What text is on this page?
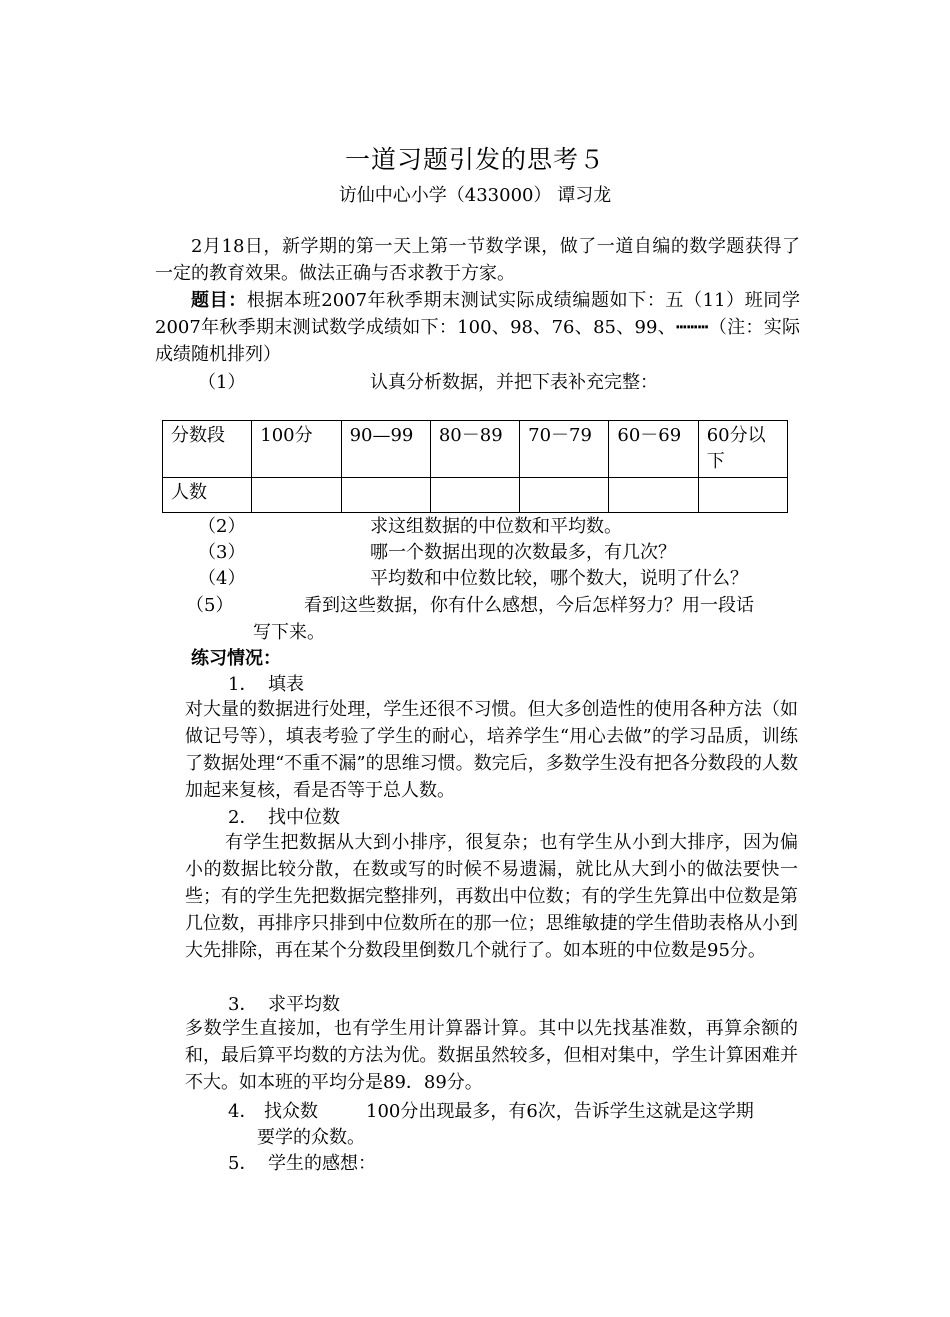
一道习题引发的思考５
访仙中心小学（433000） 谭习龙
2月18日，新学期的第一天上第一节数学课，做了一道自编的数学题获得了一定的教育效果。做法正确与否求教于方家。
题目：根据本班2007年秋季期末测试实际成绩编题如下：五（11）班同学2007年秋季期末测试数学成绩如下：100、98、76、85、99、┅┅┅（注：实际成绩随机排列）
（1）	认真分析数据，并把下表补充完整：
分数段	100分	90—99	80－89	70－79	60－69	60分以下
人数						
（2）	求这组数据的中位数和平均数。
（3）	哪一个数据出现的次数最多，有几次？
（4）	平均数和中位数比较，哪个数大，说明了什么？
（5）	看到这些数据，你有什么感想，今后怎样努力？用一段话
写下来。
练习情况：
1． 填表
对大量的数据进行处理，学生还很不习惯。但大多创造性的使用各种方法（如做记号等），填表考验了学生的耐心，培养学生“用心去做”的学习品质，训练了数据处理“不重不漏”的思维习惯。数完后，多数学生没有把各分数段的人数加起来复核，看是否等于总人数。
2． 找中位数
有学生把数据从大到小排序，很复杂；也有学生从小到大排序，因为偏小的数据比较分散，在数或写的时候不易遗漏，就比从大到小的做法要快一些；有的学生先把数据完整排列，再数出中位数；有的学生先算出中位数是第几位数，再排序只排到中位数所在的那一位；思维敏捷的学生借助表格从小到大先排除，再在某个分数段里倒数几个就行了。如本班的中位数是95分。
3． 求平均数
多数学生直接加，也有学生用计算器计算。其中以先找基准数，再算余额的和，最后算平均数的方法为优。数据虽然较多，但相对集中，学生计算困难并不大。如本班的平均分是89．89分。
4． 找众数	100分出现最多，有6次，告诉学生这就是这学期
要学的众数。
5． 学生的感想：
